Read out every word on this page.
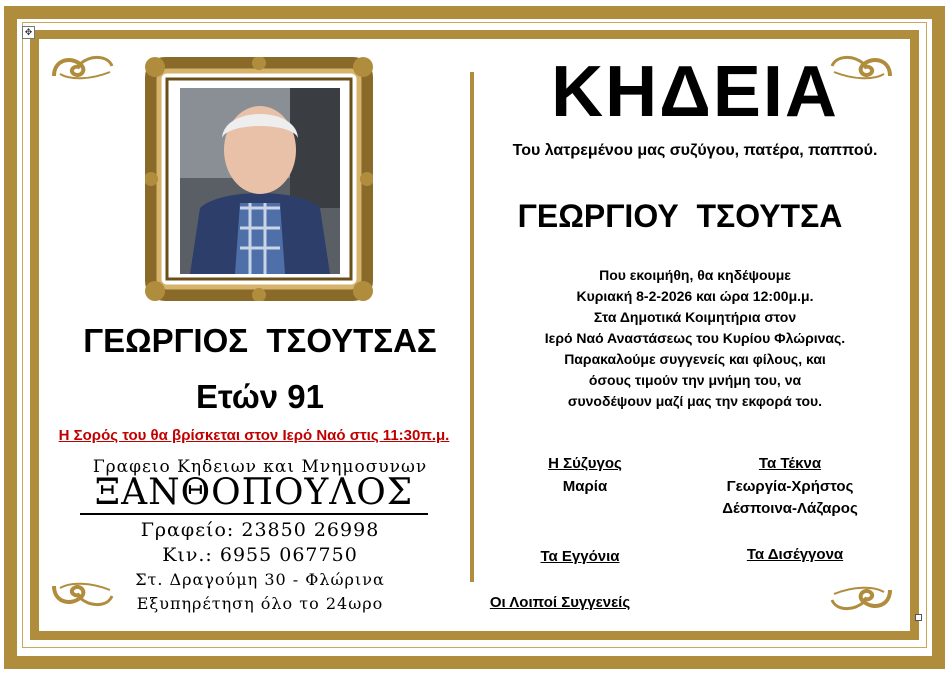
✥
ΓΕΩΡΓΙΟΣ  ΤΣΟΥΤΣΑΣ
Ετών 91
Η Σορός του θα βρίσκεται στον Ιερό Ναό στις 11:30π.μ.
Γραφειο Κηδειων και Μνημοσυνων
ΞΑΝΘΟΠΟΥΛΟΣ
Γραφείο: 23850 26998
Κιν.: 6955 067750
Στ. Δραγούμη 30 - Φλώρινα
Εξυπηρέτηση όλο το 24ωρο
ΚΗΔΕΙΑ
Του λατρεμένου μας συζύγου, πατέρα, παππού.
ΓΕΩΡΓΙΟΥ  ΤΣΟΥΤΣΑ
Που εκοιμήθη, θα κηδέψουμε
Κυριακή 8-2-2026 και ώρα 12:00μ.μ.
Στα Δημοτικά Κοιμητήρια στον
Ιερό Ναό Αναστάσεως του Κυρίου Φλώρινας.
Παρακαλούμε συγγενείς και φίλους, και
όσους τιμούν την μνήμη του, να
συνοδέψουν μαζί μας την εκφορά του.
Η Σύζυγος
Μαρία
Τα Τέκνα
Γεωργία-Χρήστος
Δέσποινα-Λάζαρος
Τα Εγγόνια	Τα Δισέγγονα
Οι Λοιποί Συγγενείς
